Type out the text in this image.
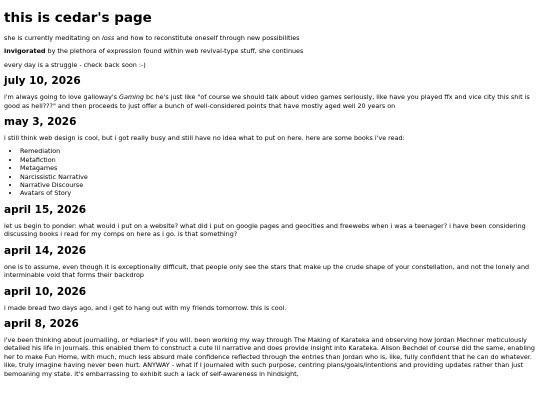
this is cedar's page

she is currently meditating on loss and how to reconstitute oneself through new possibilities

invigorated by the plethora of expression found within web revival-type stuff, she continues

every day is a struggle - check back soon :-)

july 10, 2026

i'm always going to love galloway's Gaming bc he's just like "of course we should talk about video games seriously, like have you played ffx and vice city this shit is good as hell???" and then proceeds to just offer a bunch of well-considered points that have mostly aged well 20 years on

may 3, 2026

i still think web design is cool, but i got really busy and still have no idea what to put on here. here are some books i've read:

• Remediation
• Metafiction
• Metagames
• Narcissistic Narrative
• Narrative Discourse
• Avatars of Story
april 15, 2026

let us begin to ponder: what would i put on a website? what did i put on google pages and geocities and freewebs when i was a teenager? i have been considering discussing books i read for my comps on here as i go. is that something?

april 14, 2026

one is to assume, even though it is exceptionally difficult, that people only see the stars that make up the crude shape of your constellation, and not the lonely and interminable void that forms their backdrop

april 10, 2026

i made bread two days ago, and i get to hang out with my friends tomorrow. this is cool.

april 8, 2026

i've been thinking about journalling, or *diaries* if you will. been working my way through The Making of Karateka and observing how Jordan Mechner meticulously detailed his life in journals. this enabled them to construct a cute lil narrative and does provide insight into Karateka. Alison Bechdel of course did the same, enabling her to make Fun Home, with much, much less absurd male confidence reflected through the entries than Jordan who is, like, fully confident that he can do whatever. like, truly imagine having never been hurt. ANYWAY - what if I journaled with such purpose, centring plans/goals/intentions and providing updates rather than just bemoaning my state. it's embarrassing to exhibit such a lack of self-awareness in hindsight,
